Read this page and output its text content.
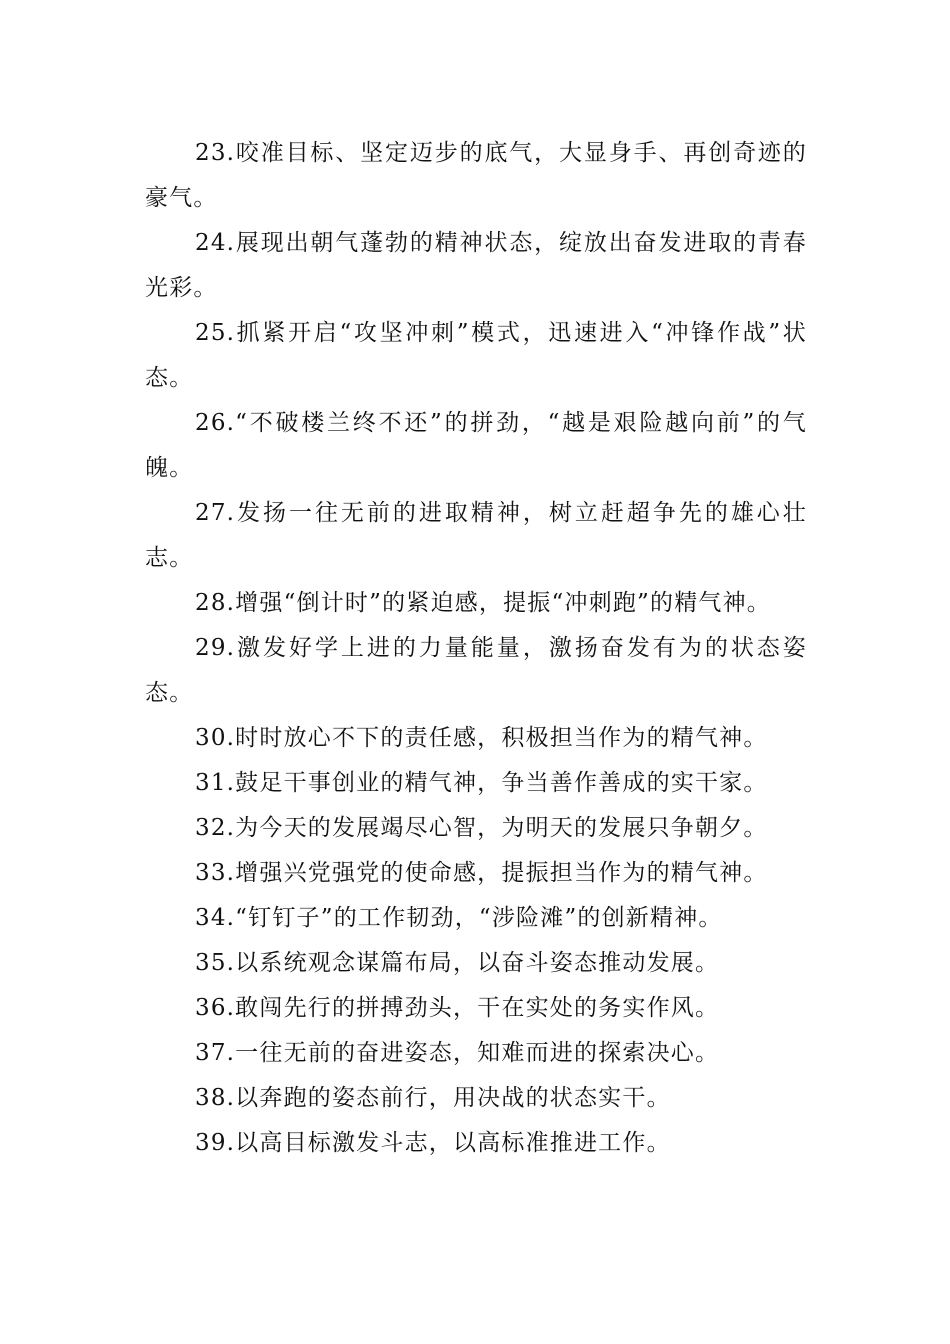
23.咬准目标、坚定迈步的底气，大显身手、再创奇迹的豪气。

24.展现出朝气蓬勃的精神状态，绽放出奋发进取的青春光彩。

25.抓紧开启“攻坚冲刺”模式，迅速进入“冲锋作战”状态。

26.“不破楼兰终不还”的拼劲，“越是艰险越向前”的气魄。

27.发扬一往无前的进取精神，树立赶超争先的雄心壮志。

28.增强“倒计时”的紧迫感，提振“冲刺跑”的精气神。

29.激发好学上进的力量能量，激扬奋发有为的状态姿态。

30.时时放心不下的责任感，积极担当作为的精气神。

31.鼓足干事创业的精气神，争当善作善成的实干家。

32.为今天的发展竭尽心智，为明天的发展只争朝夕。

33.增强兴党强党的使命感，提振担当作为的精气神。

34.“钉钉子”的工作韧劲，“涉险滩”的创新精神。

35.以系统观念谋篇布局，以奋斗姿态推动发展。

36.敢闯先行的拼搏劲头，干在实处的务实作风。

37.一往无前的奋进姿态，知难而进的探索决心。

38.以奔跑的姿态前行，用决战的状态实干。

39.以高目标激发斗志，以高标准推进工作。
